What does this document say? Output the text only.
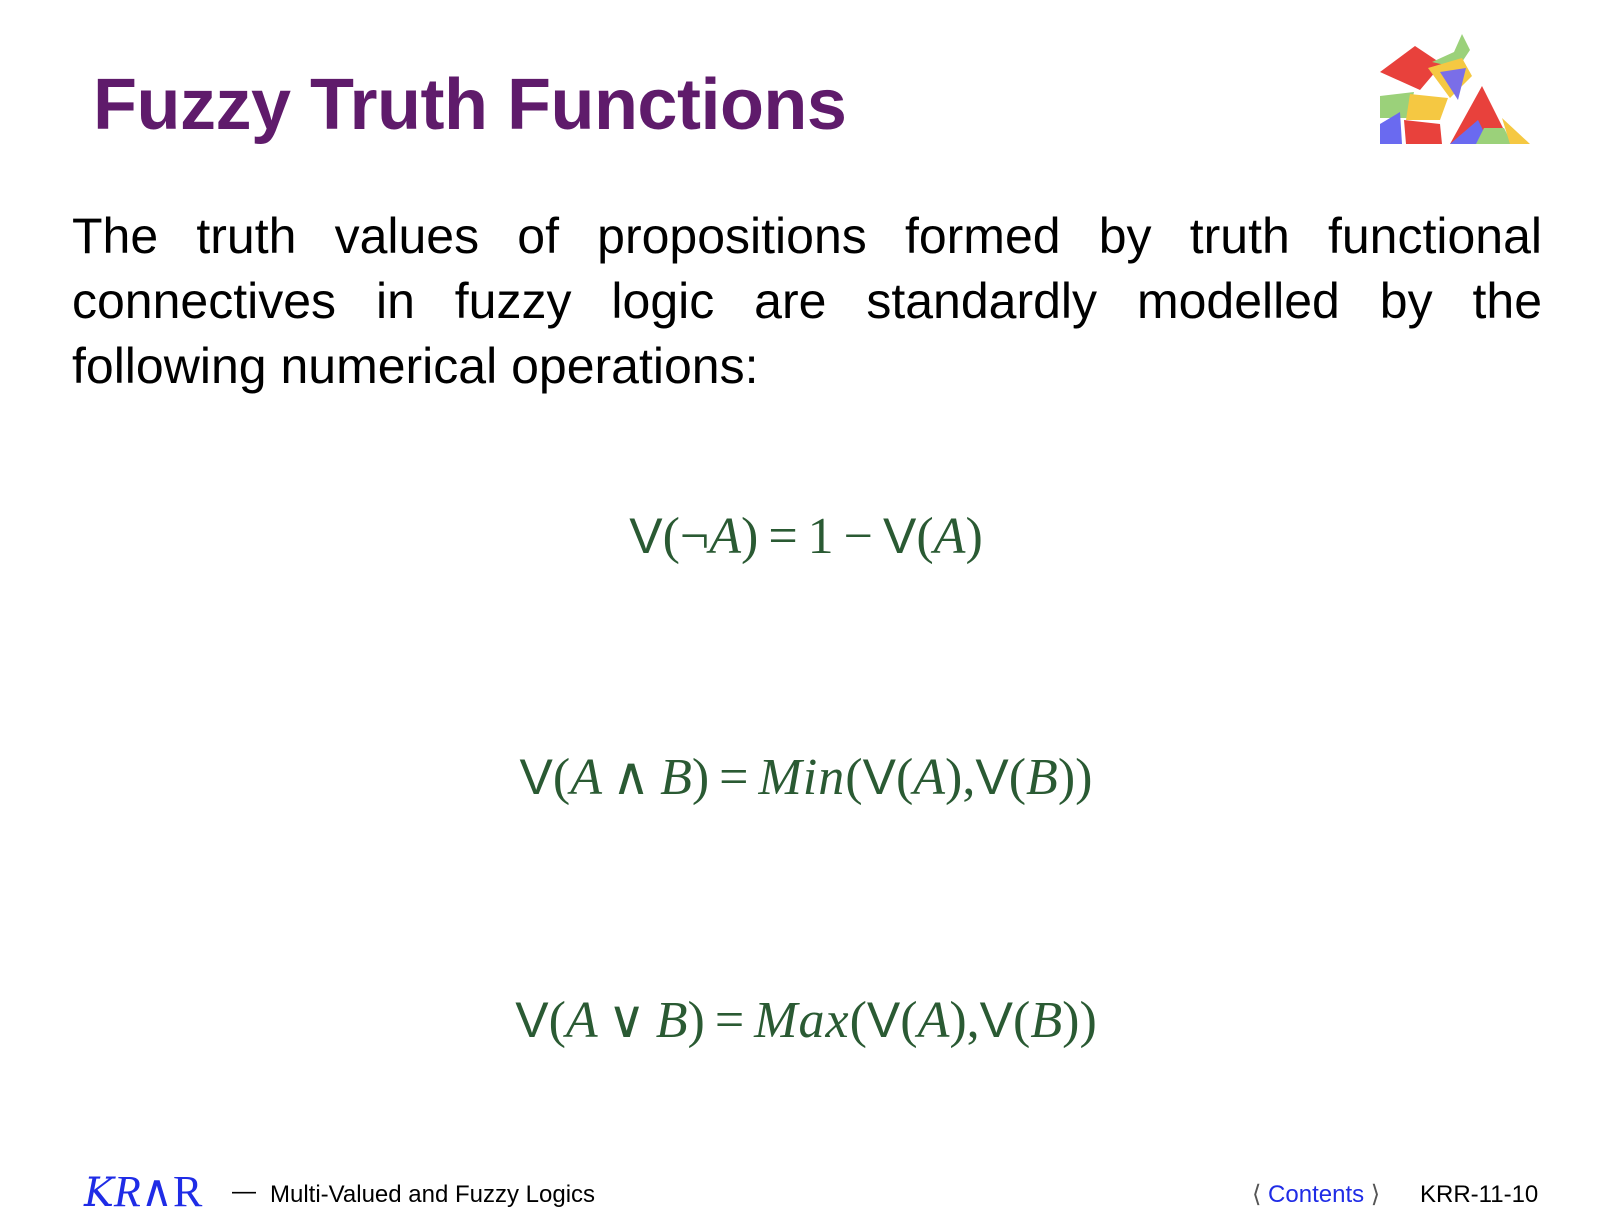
Fuzzy Truth Functions

The truth values of propositions formed by truth functional connectives in fuzzy logic are standardly modelled by the following numerical operations:

V(¬A) = 1 − V(A)
V(A ∧ B) = Min(V(A),V(B))
V(A ∨ B) = Max(V(A),V(B))
KR∧R — Multi-Valued and Fuzzy Logics	⟨ Contents ⟩ KRR-11-10
